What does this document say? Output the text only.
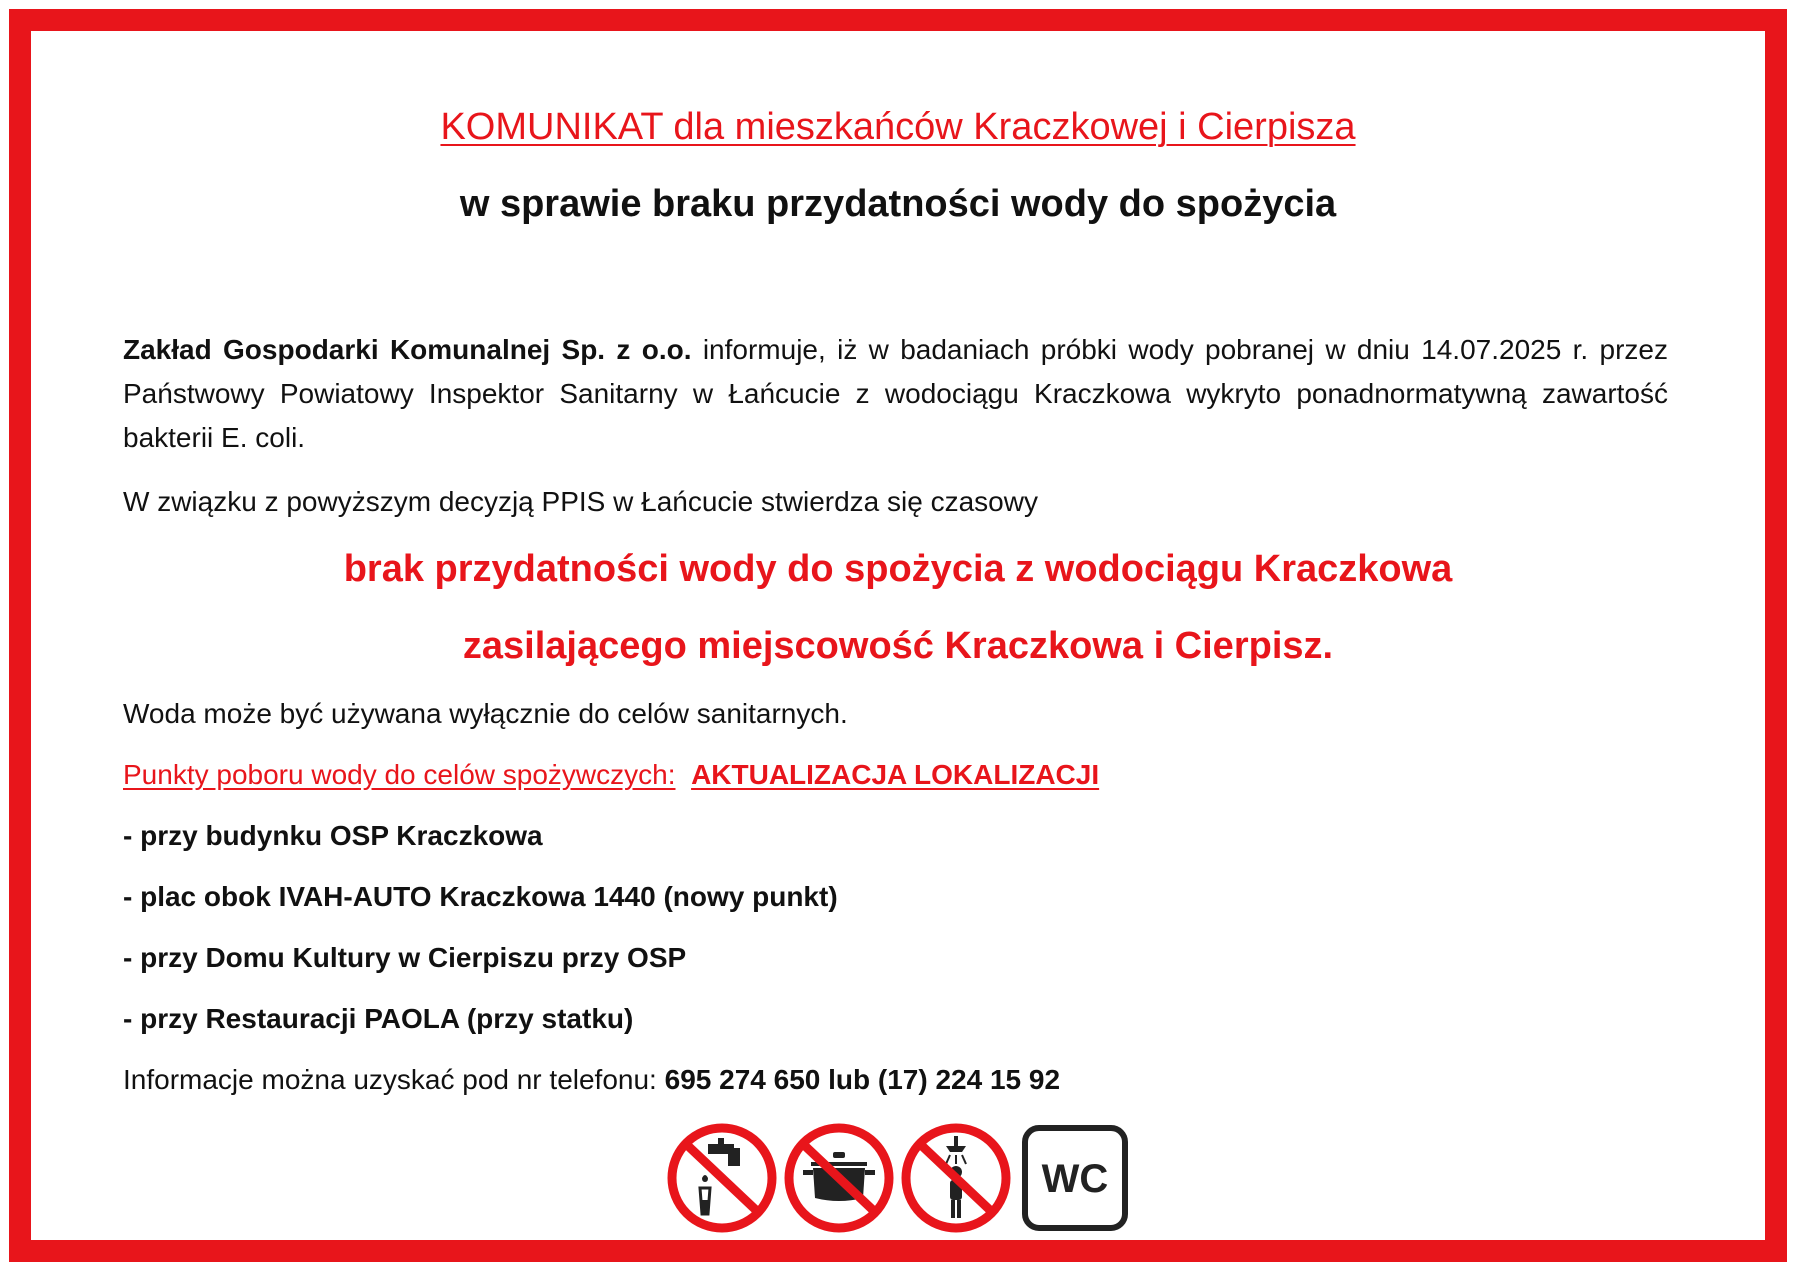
KOMUNIKAT dla mieszkańców Kraczkowej i Cierpisza
w sprawie braku przydatności wody do spożycia
Zakład Gospodarki Komunalnej Sp. z o.o. informuje, iż w badaniach próbki wody pobranej w dniu 14.07.2025 r. przez Państwowy Powiatowy Inspektor Sanitarny w Łańcucie z wodociągu Kraczkowa wykryto ponadnormatywną zawartość bakterii E. coli.
W związku z powyższym decyzją PPIS w Łańcucie stwierdza się czasowy
brak przydatności wody do spożycia z wodociągu Kraczkowa
zasilającego miejscowość Kraczkowa i Cierpisz.
Woda może być używana wyłącznie do celów sanitarnych.
Punkty poboru wody do celów spożywczych: AKTUALIZACJA LOKALIZACJI
- przy budynku OSP Kraczkowa
- plac obok IVAH-AUTO Kraczkowa 1440 (nowy punkt)
- przy Domu Kultury w Cierpiszu przy OSP
- przy Restauracji PAOLA (przy statku)
Informacje można uzyskać pod nr telefonu: 695 274 650 lub (17) 224 15 92
WC
